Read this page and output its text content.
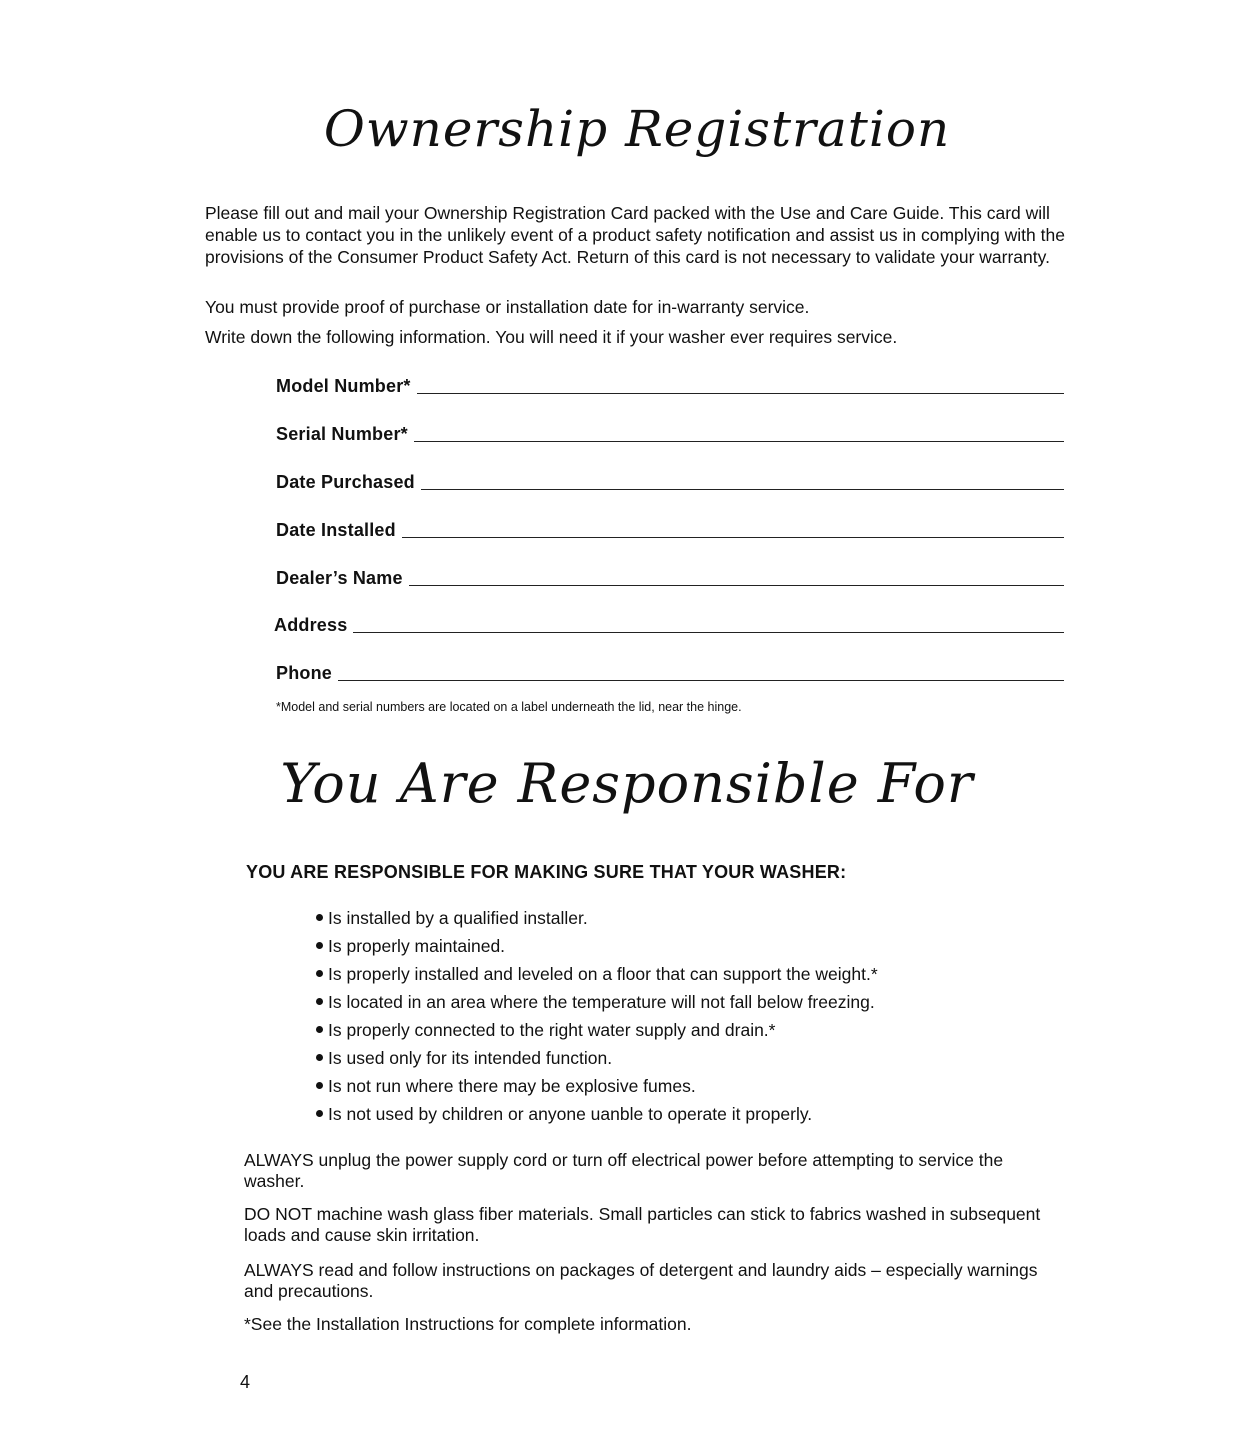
Ownership Registration

Please fill out and mail your Ownership Registration Card packed with the Use and Care Guide. This card will enable us to contact you in the unlikely event of a product safety notification and assist us in complying with the provisions of the Consumer Product Safety Act. Return of this card is not necessary to validate your warranty.

You must provide proof of purchase or installation date for in-warranty service.

Write down the following information. You will need it if your washer ever requires service.

Model Number*
Serial Number*
Date Purchased
Date Installed
Dealer’s Name
Address
Phone

*Model and serial numbers are located on a label underneath the lid, near the hinge.

You Are Responsible For

YOU ARE RESPONSIBLE FOR MAKING SURE THAT YOUR WASHER:

Is installed by a qualified installer.
Is properly maintained.
Is properly installed and leveled on a floor that can support the weight.*
Is located in an area where the temperature will not fall below freezing.
Is properly connected to the right water supply and drain.*
Is used only for its intended function.
Is not run where there may be explosive fumes.
Is not used by children or anyone uanble to operate it properly.

ALWAYS unplug the power supply cord or turn off electrical power before attempting to service the washer.

DO NOT machine wash glass fiber materials. Small particles can stick to fabrics washed in subsequent loads and cause skin irritation.

ALWAYS read and follow instructions on packages of detergent and laundry aids – especially warnings and precautions.

*See the Installation Instructions for complete information.

4
